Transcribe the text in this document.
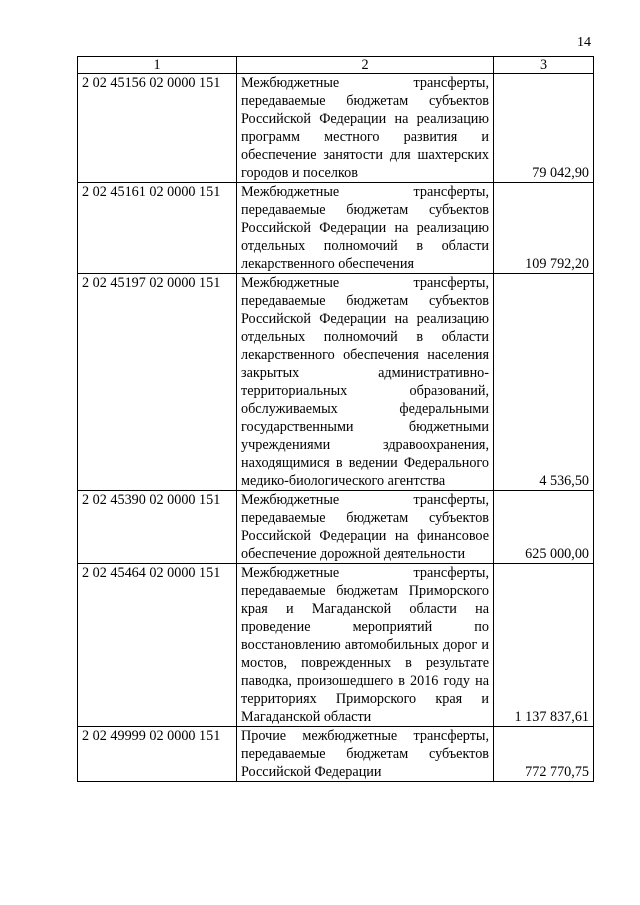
14
1	2	3
2 02 45156 02 0000 151	Межбюджетные трансферты, передаваемые бюджетам субъектов Российской Федерации на реализацию программ местного развития и обеспечение занятости для шахтерских городов и поселков	79 042,90
2 02 45161 02 0000 151	Межбюджетные трансферты, передаваемые бюджетам субъектов Российской Федерации на реализацию отдельных полномочий в области лекарственного обеспечения	109 792,20
2 02 45197 02 0000 151	Межбюджетные трансферты, передаваемые бюджетам субъектов Российской Федерации на реализацию отдельных полномочий в области лекарственного обеспечения населения закрытых административно-территориальных образований, обслуживаемых федеральными государственными бюджетными учреждениями здравоохранения, находящимися в ведении Федерального медико-биологического агентства	4 536,50
2 02 45390 02 0000 151	Межбюджетные трансферты, передаваемые бюджетам субъектов Российской Федерации на финансовое обеспечение дорожной деятельности	625 000,00
2 02 45464 02 0000 151	Межбюджетные трансферты, передаваемые бюджетам Приморского края и Магаданской области на проведение мероприятий по восстановлению автомобильных дорог и мостов, поврежденных в результате паводка, произошедшего в 2016 году на территориях Приморского края и Магаданской области	1 137 837,61
2 02 49999 02 0000 151	Прочие межбюджетные трансферты, передаваемые бюджетам субъектов Российской Федерации	772 770,75
